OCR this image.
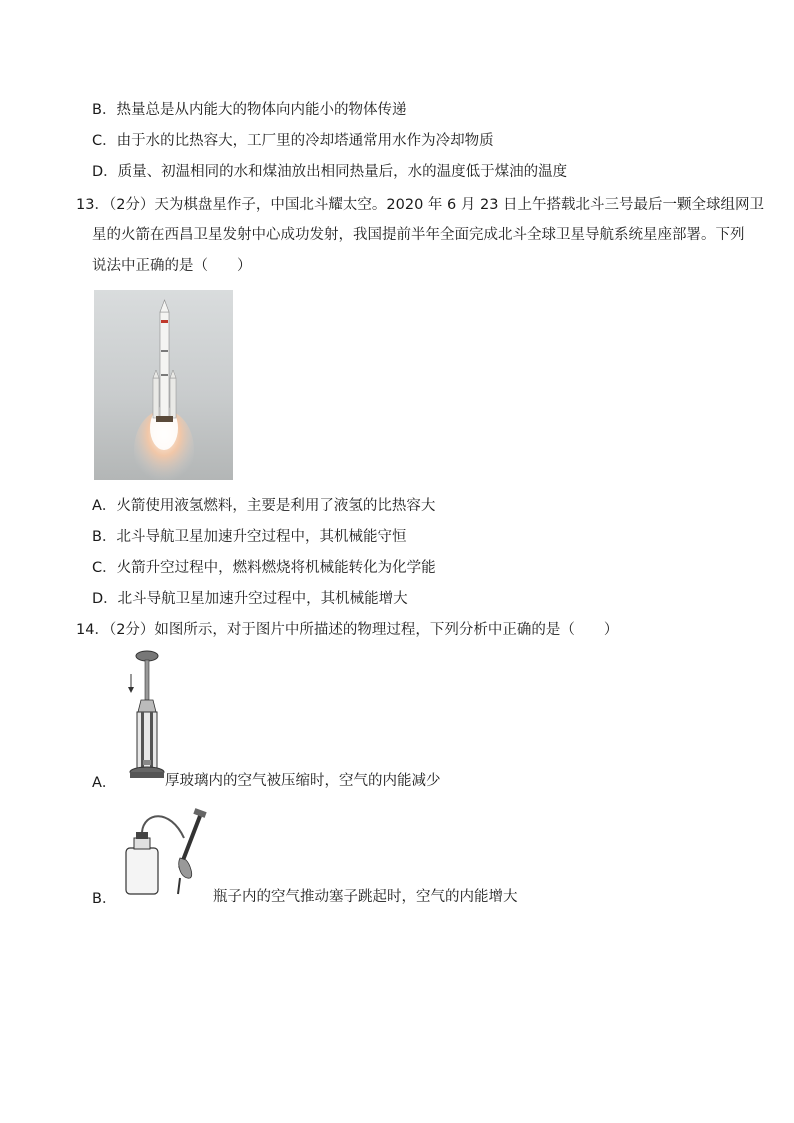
B．热量总是从内能大的物体向内能小的物体传递
C．由于水的比热容大，工厂里的冷却塔通常用水作为冷却物质
D．质量、初温相同的水和煤油放出相同热量后，水的温度低于煤油的温度
13．（2分）天为棋盘星作子，中国北斗耀太空。2020 年 6 月 23 日上午搭载北斗三号最后一颗全球组网卫
星的火箭在西昌卫星发射中心成功发射，我国提前半年全面完成北斗全球卫星导航系统星座部署。下列
说法中正确的是（　　）
A．火箭使用液氢燃料，主要是利用了液氢的比热容大
B．北斗导航卫星加速升空过程中，其机械能守恒
C．火箭升空过程中，燃料燃烧将机械能转化为化学能
D．北斗导航卫星加速升空过程中，其机械能增大
14．（2分）如图所示，对于图片中所描述的物理过程，下列分析中正确的是（　　）
A．	厚玻璃内的空气被压缩时，空气的内能减少
B．	瓶子内的空气推动塞子跳起时，空气的内能增大
